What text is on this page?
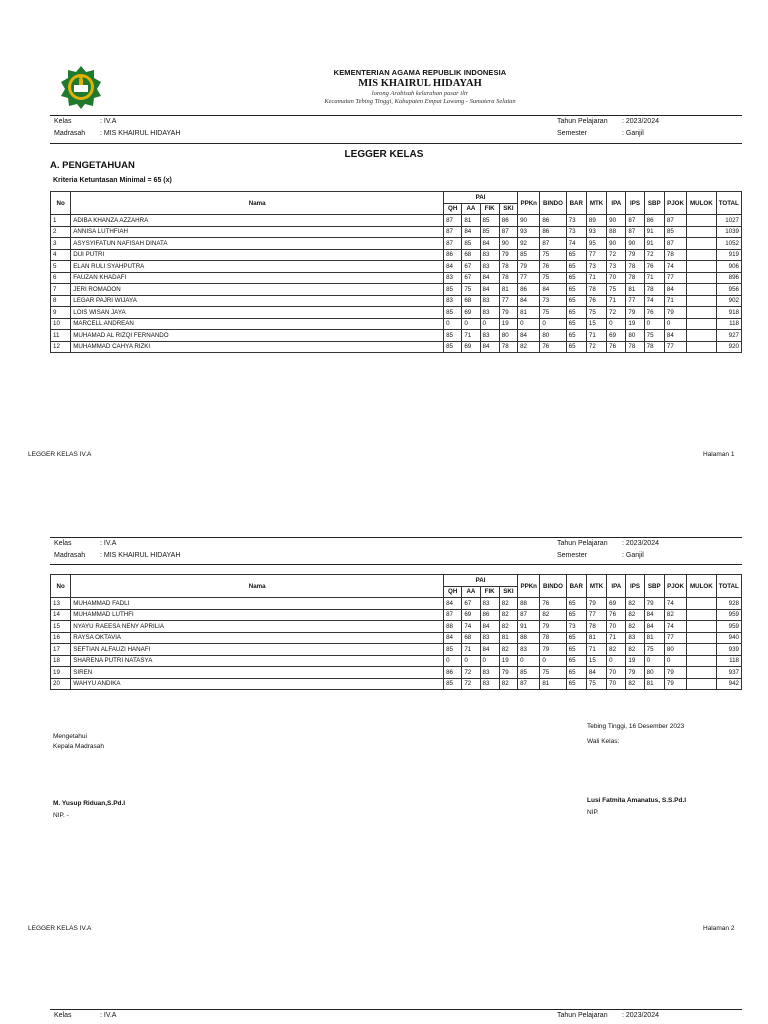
KEMENTERIAN AGAMA REPUBLIK INDONESIA
MIS KHAIRUL HIDAYAH
lorong Arabisah kelurahan pasar ilir
Kecamatan Tebing Tinggi, Kabupaten Empat Lawang - Sumatera Selatan
Kelas	: IV.A
Madrasah : MIS KHAIRUL HIDAYAH
Tahun Pelajaran : 2023/2024
Semester	: Ganjil
LEGGER KELAS
A. PENGETAHUAN
Kriteria Ketuntasan Minimal = 65 (x)
No	Nama	PAI				PPKn	BINDO	BAR	MTK	IPA	IPS	SBP	PJOK	MULOK	TOTAL
		QH	AA	FIK	SKI										
1	ADIBA KHANZA AZZAHRA	87	81	85	86	90	86	73	89	90	87	86	87		1027
2	ANNISA LUTHFIAH	87	84	85	87	93	86	73	93	88	87	91	85		1039
3	ASYSYIFATUN NAFISAH DINATA	87	85	84	90	92	87	74	95	90	90	91	87		1052
4	DUI PUTRI	86	68	83	79	85	75	65	77	72	79	72	78		919
5	ELAN RULI SYAHPUTRA	84	67	83	78	79	76	65	73	73	78	76	74		906
6	FAUZAN KHADAFI	83	67	84	78	77	75	65	71	70	78	71	77		896
7	JERI ROMADON	85	75	84	81	86	84	65	78	75	81	78	84		956
8	LEGAR PAJRI WIJAYA	83	68	83	77	84	73	65	76	71	77	74	71		902
9	LOIS WISAN JAYA	85	69	83	79	81	75	65	75	72	79	76	79		918
10	MARCELL ANDREAN	0	0	0	19	0	0	65	15	0	19	0	0		118
11	MUHAMAD AL RIZQI FERNANDO	85	71	83	80	84	80	65	71	69	80	75	84		927
12	MUHAMMAD CAHYA RIZKI	85	69	84	78	82	76	65	72	76	78	78	77		920
LEGGER KELAS IV.A	Halaman 1
Kelas	: IV.A
Madrasah : MIS KHAIRUL HIDAYAH
Tahun Pelajaran : 2023/2024
Semester	: Ganjil
No	Nama	PAI				PPKn	BINDO	BAR	MTK	IPA	IPS	SBP	PJOK	MULOK	TOTAL
		QH	AA	FIK	SKI										
13	MUHAMMAD FADLI	84	67	83	82	88	76	65	79	69	82	79	74		928
14	MUHAMMAD LUTHFI	87	69	86	82	87	82	65	77	76	82	84	82		959
15	NYAYU RAEESA NENY APRILIA	88	74	84	82	91	79	73	78	70	82	84	74		959
16	RAYSA OKTAVIA	84	68	83	81	88	78	65	81	71	83	81	77		940
17	SEFTIAN ALFAUZI HANAFI	85	71	84	82	83	79	65	71	82	82	75	80		939
18	SHARENA PUTRI NATASYA	0	0	0	19	0	0	65	15	0	19	0	0		118
19	SIREN	86	72	83	79	85	75	65	84	70	79	80	79		937
20	WAHYU ANDIKA	85	72	83	82	87	81	65	75	70	82	81	79		942
Mengetahui
Kepala Madrasah
M. Yusup Riduan,S.Pd.I
NIP. -
Tebing Tinggi, 16 Desember 2023
Wali Kelas:
Lusi Fatmita Amanatus, S.S.Pd.I
NIP.
LEGGER KELAS IV.A	Halaman 2
Kelas	: IV.A	Tahun Pelajaran : 2023/2024
